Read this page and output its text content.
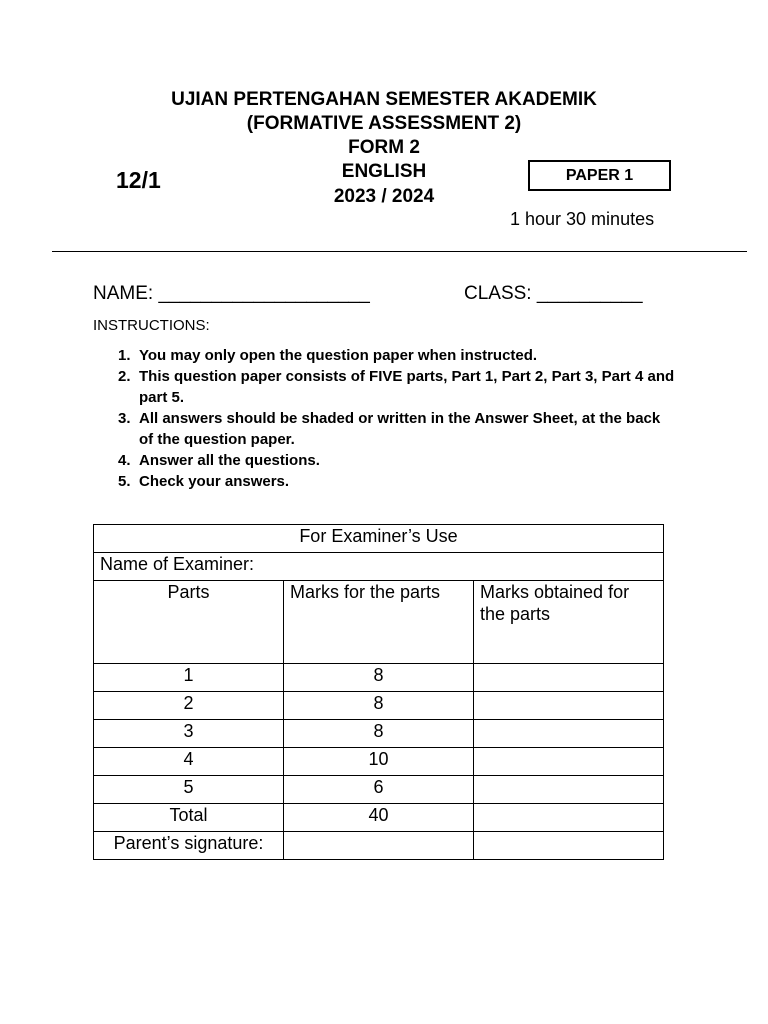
UJIAN PERTENGAHAN SEMESTER AKADEMIK
(FORMATIVE ASSESSMENT 2)
FORM 2
ENGLISH
2023 / 2024
12/1	PAPER 1
1 hour 30 minutes
NAME: ____________________	CLASS: __________
INSTRUCTIONS:
1. You may only open the question paper when instructed.
2. This question paper consists of FIVE parts, Part 1, Part 2, Part 3, Part 4 and part 5.
3. All answers should be shaded or written in the Answer Sheet, at the back of the question paper.
4. Answer all the questions.
5. Check your answers.
For Examiner’s Use		
Name of Examiner:		
Parts	Marks for the parts	Marks obtained for the parts
1	8	
2	8	
3	8	
4	10	
5	6	
Total	40	
Parent’s signature:		
